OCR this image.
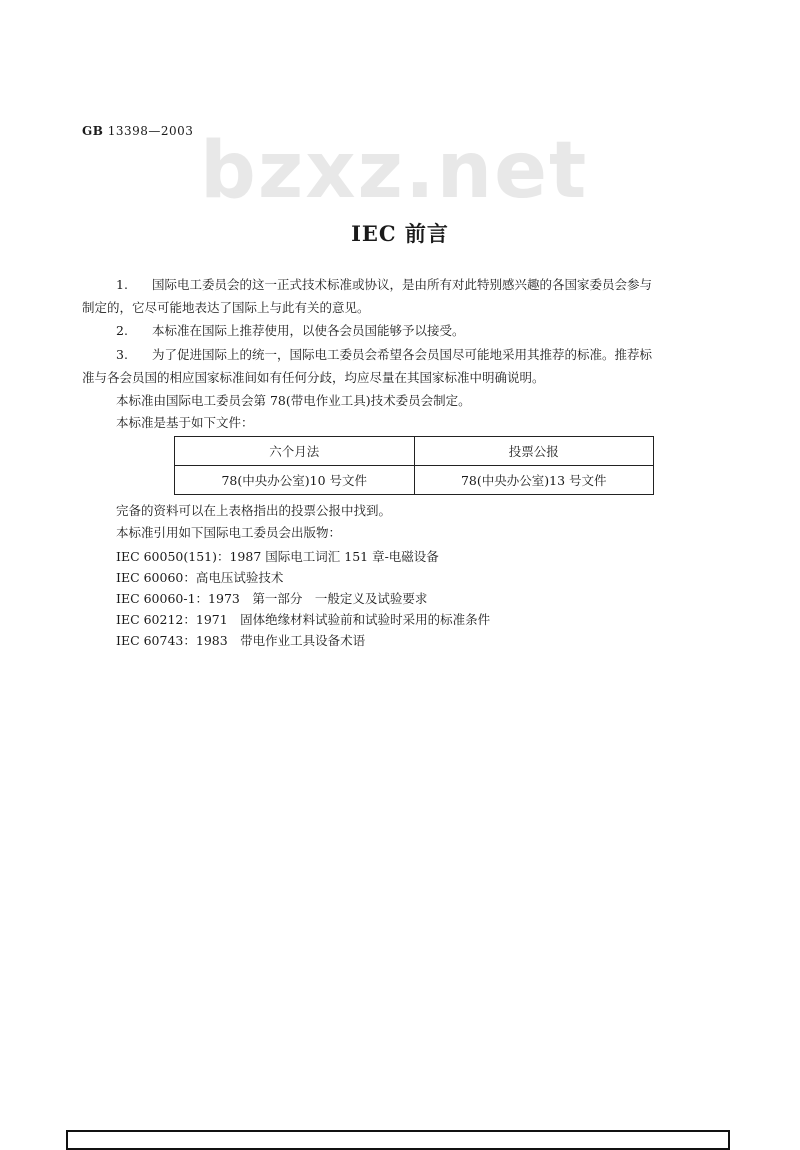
GB 13398—2003 bzxz.net
IEC 前言

1. 国际电工委员会的这一正式技术标准或协议，是由所有对此特别感兴趣的各国家委员会参与

制定的，它尽可能地表达了国际上与此有关的意见。

2. 本标准在国际上推荐使用，以使各会员国能够予以接受。

3. 为了促进国际上的统一，国际电工委员会希望各会员国尽可能地采用其推荐的标准。推荐标

准与各会员国的相应国家标准间如有任何分歧，均应尽量在其国家标准中明确说明。

本标准由国际电工委员会第 78(带电作业工具)技术委员会制定。

本标准是基于如下文件：

六个月法	投票公报
78(中央办公室)10 号文件	78(中央办公室)13 号文件

完备的资料可以在上表格指出的投票公报中找到。

本标准引用如下国际电工委员会出版物：

IEC 60050(151)：1987 国际电工词汇 151 章-电磁设备
IEC 60060：高电压试验技术
IEC 60060-1：1973　第一部分　一般定义及试验要求
IEC 60212：1971　固体绝缘材料试验前和试验时采用的标准条件
IEC 60743：1983　带电作业工具设备术语
